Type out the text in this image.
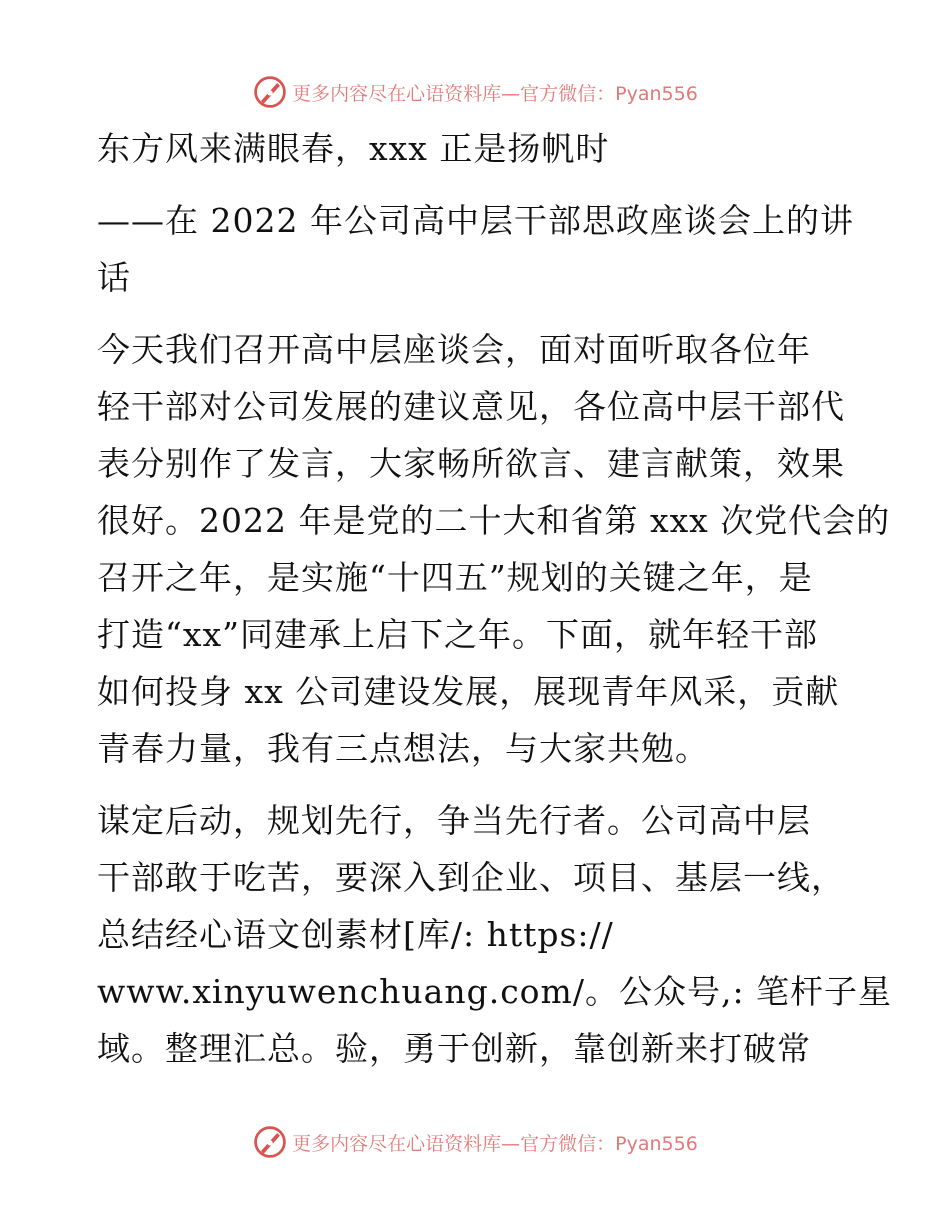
更多内容尽在心语资料库—官方微信：Pyan556
东方风来满眼春，xxx 正是扬帆时
——在 2022 年公司高中层干部思政座谈会上的讲
话
今天我们召开高中层座谈会，面对面听取各位年
轻干部对公司发展的建议意见，各位高中层干部代
表分别作了发言，大家畅所欲言、建言献策，效果
很好。2022 年是党的二十大和省第 xxx 次党代会的
召开之年，是实施“十四五”规划的关键之年，是
打造“xx”同建承上启下之年。下面，就年轻干部
如何投身 xx 公司建设发展，展现青年风采，贡献
青春力量，我有三点想法，与大家共勉。
谋定后动，规划先行，争当先行者。公司高中层
干部敢于吃苦，要深入到企业、项目、基层一线，
总结经心语文创素材[库/: https://
www.xinyuwenchuang.com/。公众号,: 笔杆子星
域。整理汇总。验，勇于创新，靠创新来打破常
更多内容尽在心语资料库—官方微信：Pyan556
